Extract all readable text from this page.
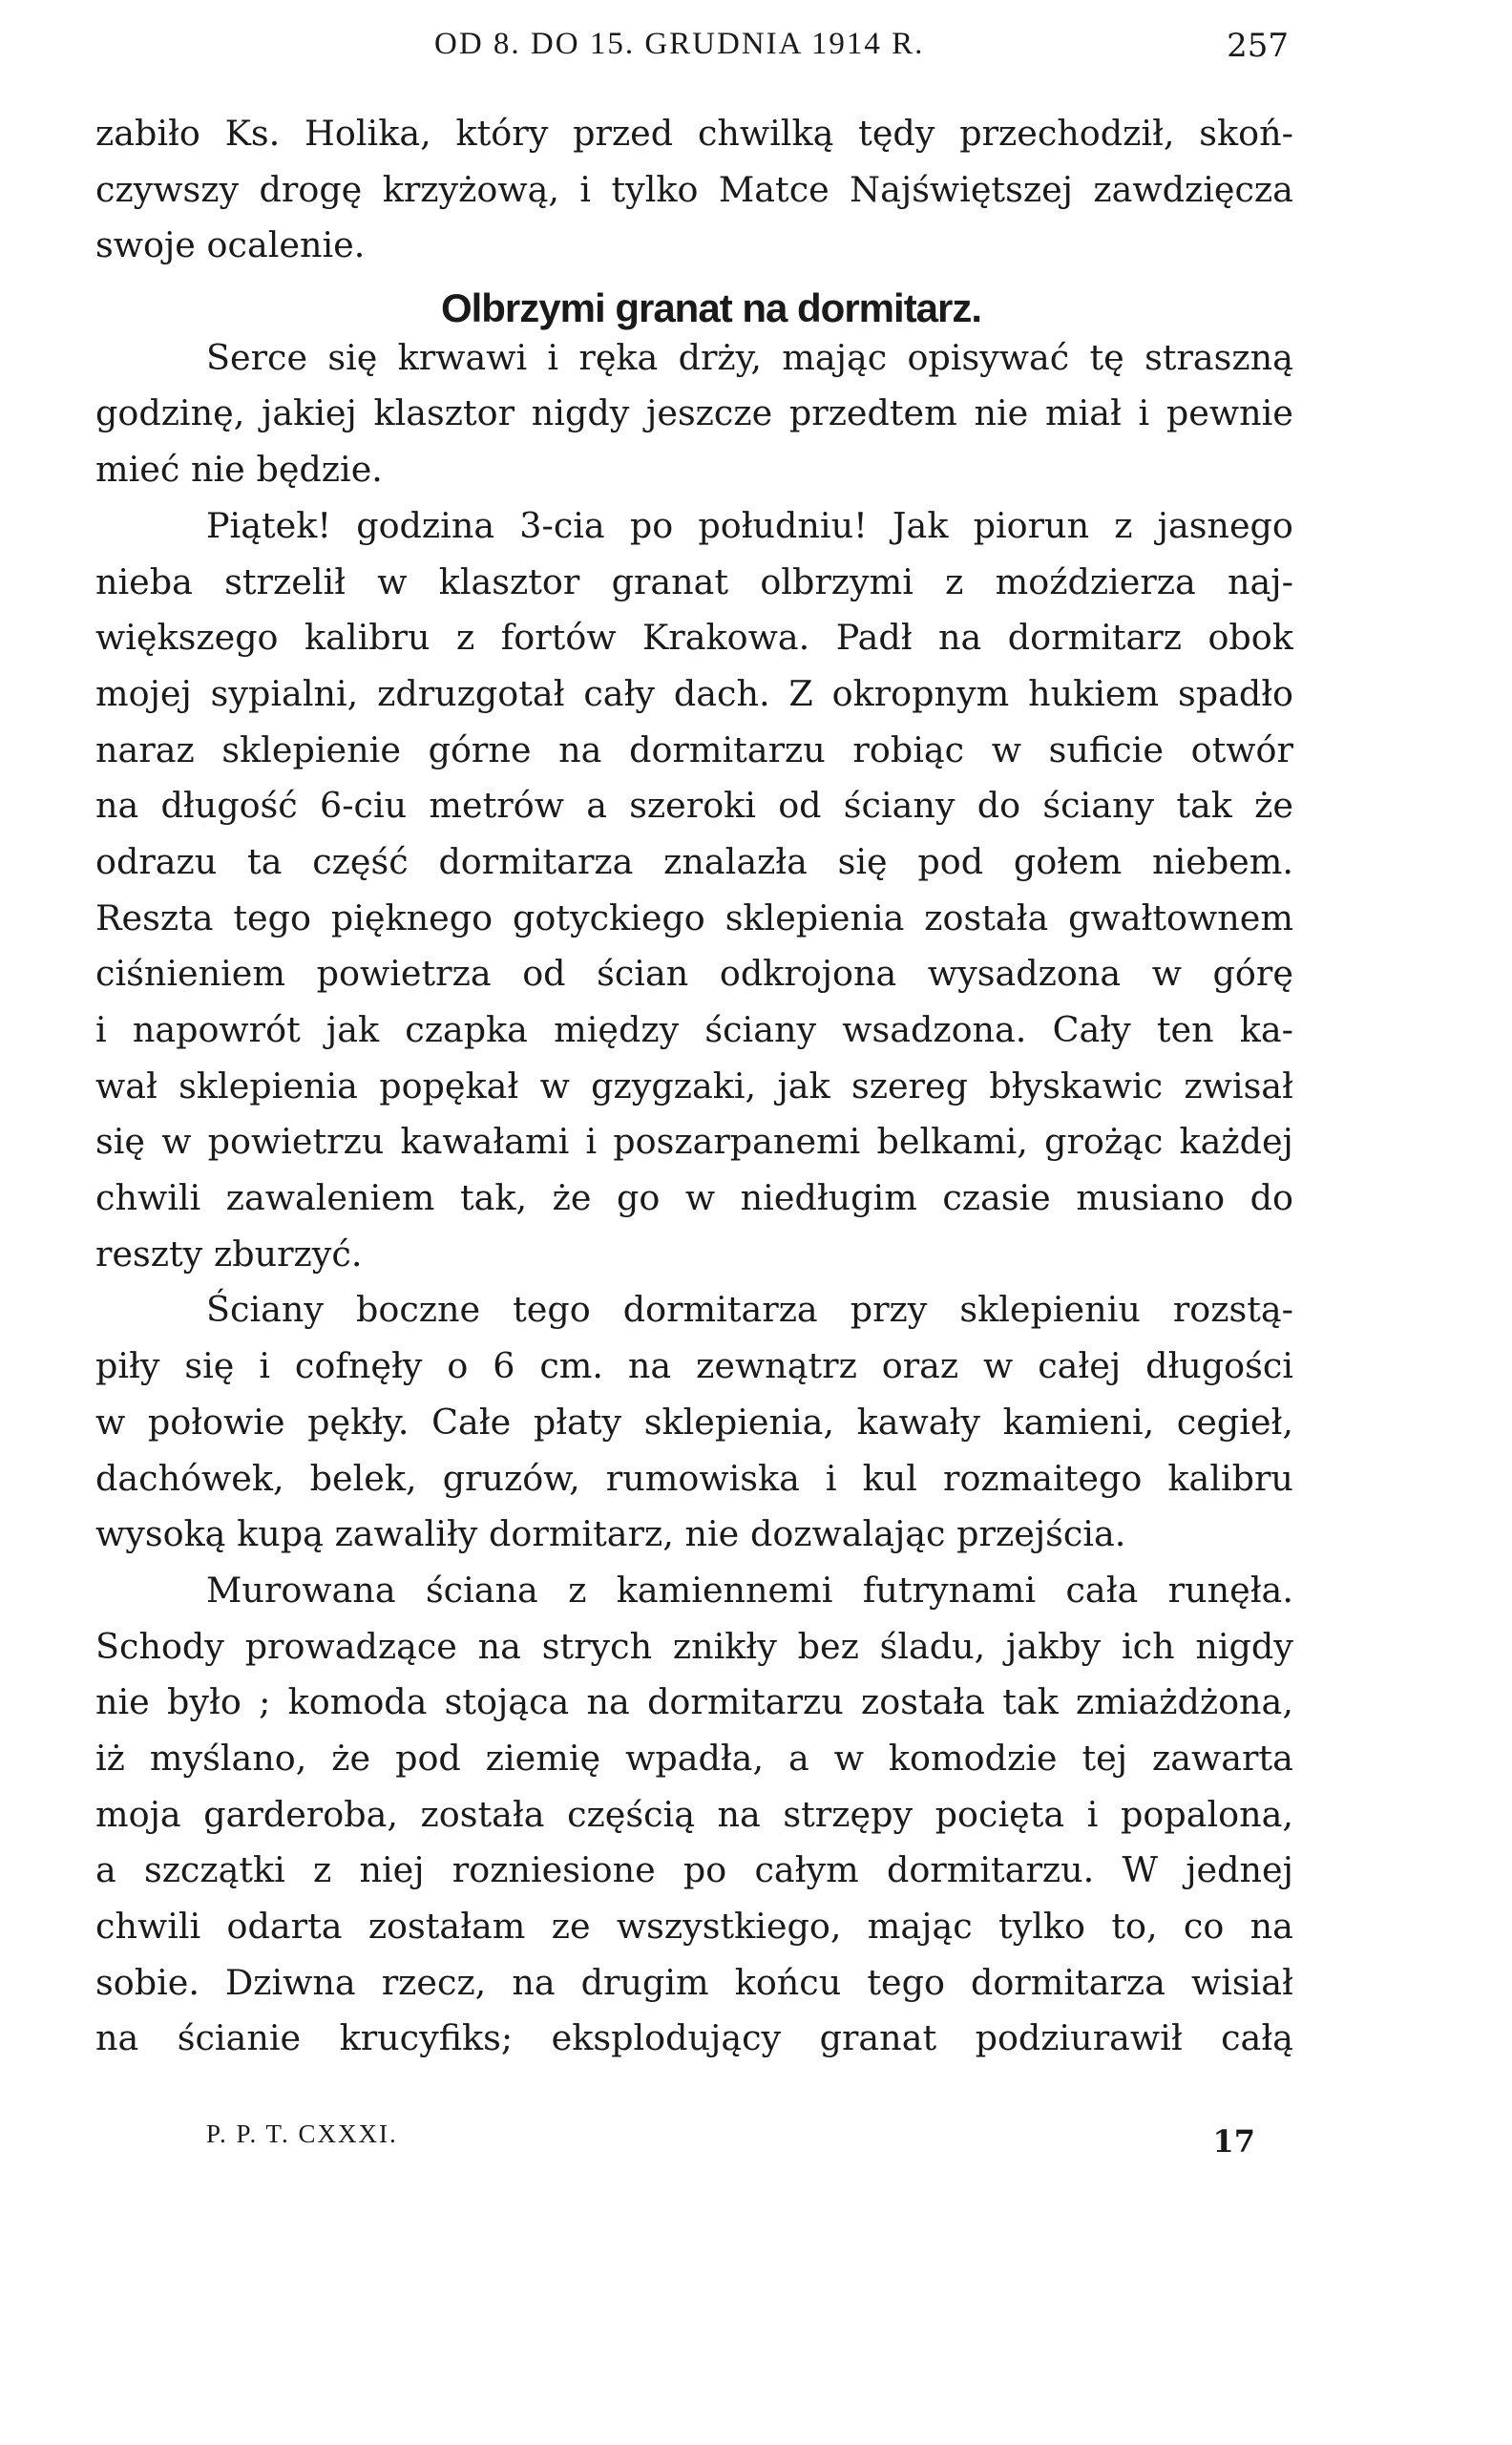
OD 8. DO 15. GRUDNIA 1914 R.	257
zabiło Ks. Holika, który przed chwilką tędy przechodził, skoń-
czywszy drogę krzyżową, i tylko Matce Najświętszej zawdzięcza
swoje ocalenie.
Olbrzymi granat na dormitarz.
Serce się krwawi i ręka drży, mając opisywać tę straszną
godzinę, jakiej klasztor nigdy jeszcze przedtem nie miał i pewnie
mieć nie będzie.
Piątek! godzina 3-cia po południu! Jak piorun z jasnego
nieba strzelił w klasztor granat olbrzymi z moździerza naj-
większego kalibru z fortów Krakowa. Padł na dormitarz obok
mojej sypialni, zdruzgotał cały dach. Z okropnym hukiem spadło
naraz sklepienie górne na dormitarzu robiąc w suficie otwór
na długość 6-ciu metrów a szeroki od ściany do ściany tak że
odrazu ta część dormitarza znalazła się pod gołem niebem.
Reszta tego pięknego gotyckiego sklepienia została gwałtownem
ciśnieniem powietrza od ścian odkrojona wysadzona w górę
i napowrót jak czapka między ściany wsadzona. Cały ten ka-
wał sklepienia popękał w gzygzaki, jak szereg błyskawic zwisał
się w powietrzu kawałami i poszarpanemi belkami, grożąc każdej
chwili zawaleniem tak, że go w niedługim czasie musiano do
reszty zburzyć.
Ściany boczne tego dormitarza przy sklepieniu rozstą-
piły się i cofnęły o 6 cm. na zewnątrz oraz w całej długości
w połowie pękły. Całe płaty sklepienia, kawały kamieni, cegieł,
dachówek, belek, gruzów, rumowiska i kul rozmaitego kalibru
wysoką kupą zawaliły dormitarz, nie dozwalając przejścia.
Murowana ściana z kamiennemi futrynami cała runęła.
Schody prowadzące na strych znikły bez śladu, jakby ich nigdy
nie było ; komoda stojąca na dormitarzu została tak zmiażdżona,
iż myślano, że pod ziemię wpadła, a w komodzie tej zawarta
moja garderoba, została częścią na strzępy pocięta i popalona,
a szczątki z niej rozniesione po całym dormitarzu. W jednej
chwili odarta zostałam ze wszystkiego, mając tylko to, co na
sobie. Dziwna rzecz, na drugim końcu tego dormitarza wisiał
na ścianie krucyfiks; eksplodujący granat podziurawił całą
P. P. T. CXXXI.	17
